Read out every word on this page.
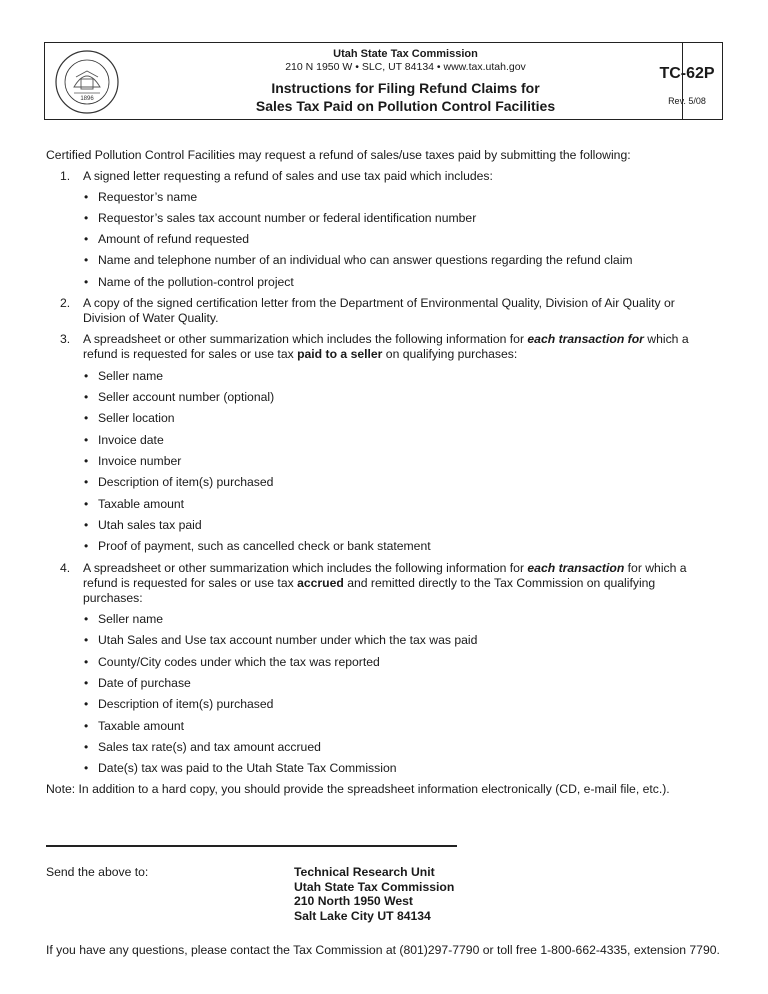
1896
Utah State Tax Commission
210 N 1950 W • SLC, UT 84134 • www.tax.utah.gov
Instructions for Filing Refund Claims for
Sales Tax Paid on Pollution Control Facilities
TC-62P
Rev. 5/08
Certified Pollution Control Facilities may request a refund of sales/use taxes paid by submitting the following:
1. A signed letter requesting a refund of sales and use tax paid which includes:
• Requestor’s name
• Requestor’s sales tax account number or federal identification number
• Amount of refund requested
• Name and telephone number of an individual who can answer questions regarding the refund claim
• Name of the pollution-control project
2. A copy of the signed certification letter from the Department of Environmental Quality, Division of Air Quality or
Division of Water Quality.
3. A spreadsheet or other summarization which includes the following information for each transaction for which a
refund is requested for sales or use tax paid to a seller on qualifying purchases:
• Seller name
• Seller account number (optional)
• Seller location
• Invoice date
• Invoice number
• Description of item(s) purchased
• Taxable amount
• Utah sales tax paid
• Proof of payment, such as cancelled check or bank statement
4. A spreadsheet or other summarization which includes the following information for each transaction for which a
refund is requested for sales or use tax accrued and remitted directly to the Tax Commission on qualifying
purchases:
• Seller name
• Utah Sales and Use tax account number under which the tax was paid
• County/City codes under which the tax was reported
• Date of purchase
• Description of item(s) purchased
• Taxable amount
• Sales tax rate(s) and tax amount accrued
• Date(s) tax was paid to the Utah State Tax Commission
Note: In addition to a hard copy, you should provide the spreadsheet information electronically (CD, e-mail file, etc.).
Send the above to:	Technical Research Unit
Utah State Tax Commission
210 North 1950 West
Salt Lake City UT 84134
If you have any questions, please contact the Tax Commission at (801)297-7790 or toll free 1-800-662-4335, extension 7790.
